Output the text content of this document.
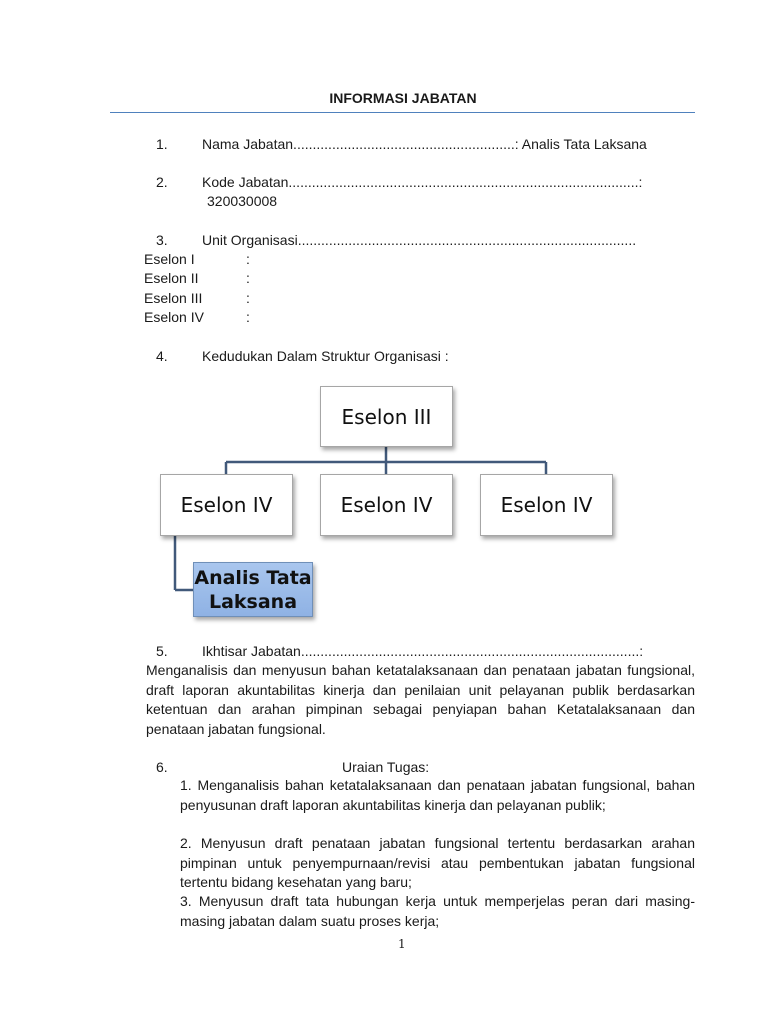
INFORMASI JABATAN
1. Nama Jabatan.........................................................: Analis Tata Laksana
2. Kode Jabatan..........................................................................................:
320030008
3. Unit Organisasi.......................................................................................
Eselon I	:
Eselon II	:
Eselon III	:
Eselon IV	:
4. Kedudukan Dalam Struktur Organisasi :
Eselon III
Eselon IV	Eselon IV	Eselon IV
Analis Tata
Laksana
5. Ikhtisar Jabatan.......................................................................................:
Menganalisis dan menyusun bahan ketatalaksanaan dan penataan jabatan fungsional, draft laporan akuntabilitas kinerja dan penilaian unit pelayanan publik berdasarkan ketentuan dan arahan pimpinan sebagai penyiapan bahan Ketatalaksanaan dan penataan jabatan fungsional.
6.	Uraian Tugas:
1. Menganalisis bahan ketatalaksanaan dan penataan jabatan fungsional, bahan penyusunan draft laporan akuntabilitas kinerja dan pelayanan publik;
2. Menyusun draft penataan jabatan fungsional tertentu berdasarkan arahan pimpinan untuk penyempurnaan/revisi atau pembentukan jabatan fungsional tertentu bidang kesehatan yang baru;
3. Menyusun draft tata hubungan kerja untuk memperjelas peran dari masing-masing jabatan dalam suatu proses kerja;
1
